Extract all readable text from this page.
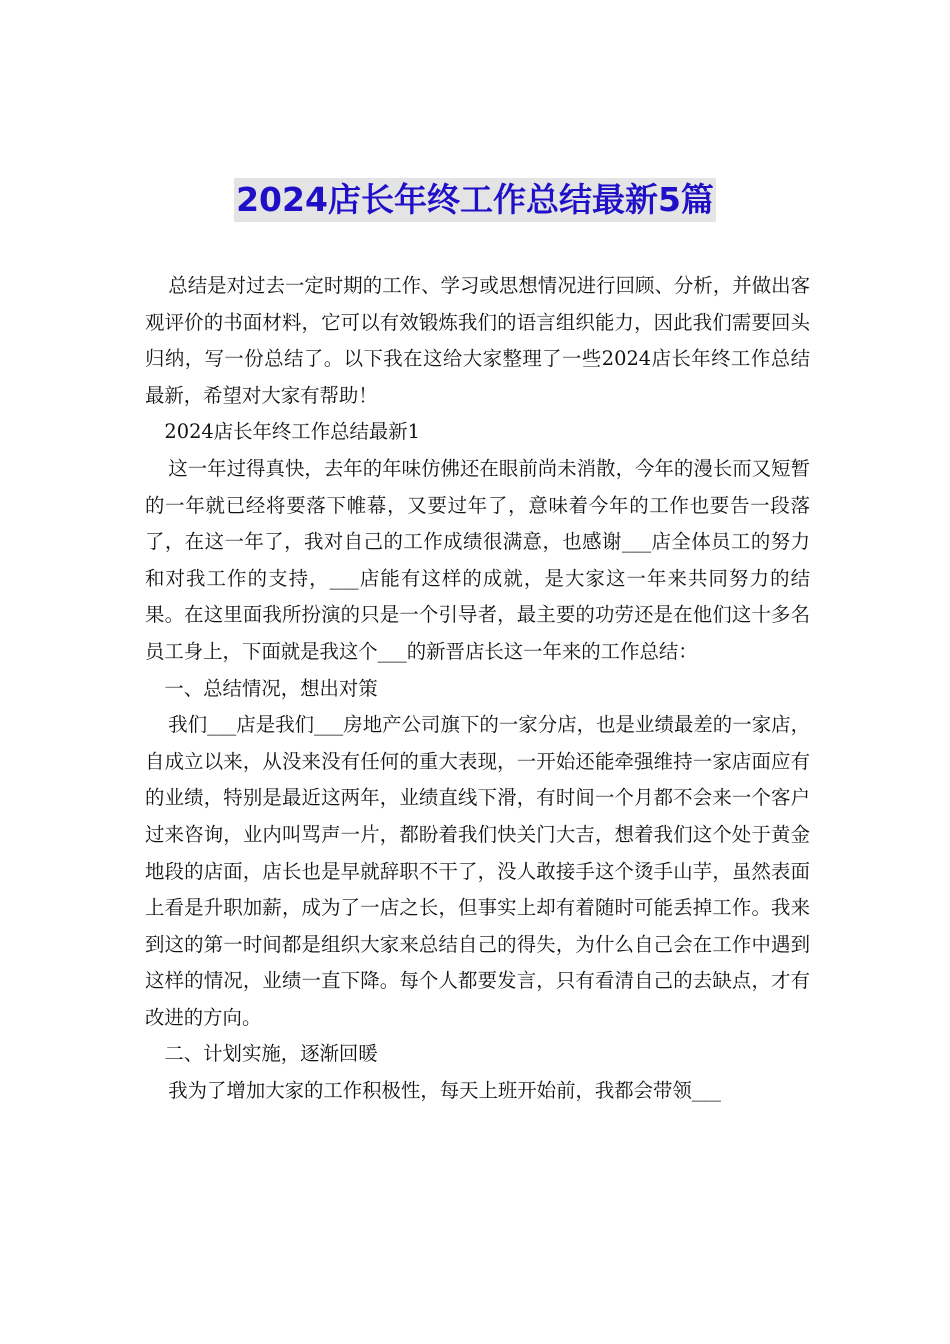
2024店长年终工作总结最新5篇

总结是对过去一定时期的工作、学习或思想情况进行回顾、分析，并做出客观评价的书面材料，它可以有效锻炼我们的语言组织能力，因此我们需要回头归纳，写一份总结了。以下我在这给大家整理了一些2024店长年终工作总结最新，希望对大家有帮助！

2024店长年终工作总结最新1

这一年过得真快，去年的年味仿佛还在眼前尚未消散，今年的漫长而又短暂的一年就已经将要落下帷幕，又要过年了，意味着今年的工作也要告一段落了，在这一年了，我对自己的工作成绩很满意，也感谢___店全体员工的努力和对我工作的支持，___店能有这样的成就，是大家这一年来共同努力的结果。在这里面我所扮演的只是一个引导者，最主要的功劳还是在他们这十多名员工身上，下面就是我这个___的新晋店长这一年来的工作总结：

一、总结情况，想出对策

我们___店是我们___房地产公司旗下的一家分店，也是业绩最差的一家店，自成立以来，从没来没有任何的重大表现，一开始还能牵强维持一家店面应有的业绩，特别是最近这两年，业绩直线下滑，有时间一个月都不会来一个客户过来咨询，业内叫骂声一片，都盼着我们快关门大吉，想着我们这个处于黄金地段的店面，店长也是早就辞职不干了，没人敢接手这个烫手山芋，虽然表面上看是升职加薪，成为了一店之长，但事实上却有着随时可能丢掉工作。我来到这的第一时间都是组织大家来总结自己的得失，为什么自己会在工作中遇到这样的情况，业绩一直下降。每个人都要发言，只有看清自己的去缺点，才有改进的方向。

二、计划实施，逐渐回暖

我为了增加大家的工作积极性，每天上班开始前，我都会带领___
